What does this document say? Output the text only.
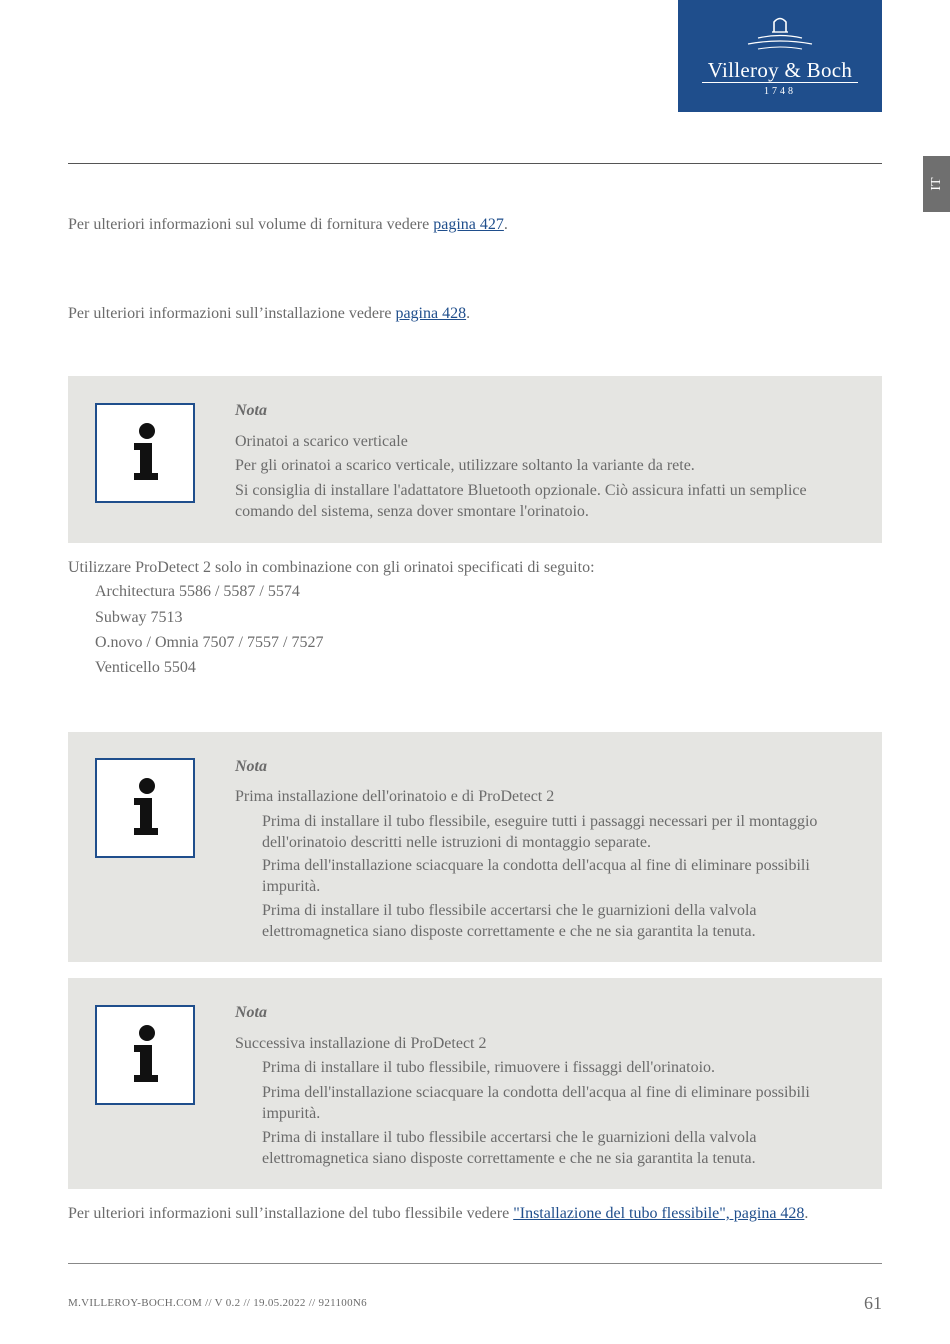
Villeroy & Boch
1748
IT
Per ulteriori informazioni sul volume di fornitura vedere pagina 427.
Per ulteriori informazioni sull’installazione vedere pagina 428.
Nota
Orinatoi a scarico verticale
Per gli orinatoi a scarico verticale, utilizzare soltanto la variante da rete.
Si consiglia di installare l'adattatore Bluetooth opzionale. Ciò assicura infatti un semplice
comando del sistema, senza dover smontare l'orinatoio.
Utilizzare ProDetect 2 solo in combinazione con gli orinatoi specificati di seguito:
Architectura 5586 / 5587 / 5574
Subway 7513
O.novo / Omnia 7507 / 7557 / 7527
Venticello 5504
Nota
Prima installazione dell'orinatoio e di ProDetect 2
Prima di installare il tubo flessibile, eseguire tutti i passaggi necessari per il montaggio dell'orinatoio descritti nelle istruzioni di montaggio separate.
Prima dell'installazione sciacquare la condotta dell'acqua al fine di eliminare possibili impurità.
Prima di installare il tubo flessibile accertarsi che le guarnizioni della valvola elettromagnetica siano disposte correttamente e che ne sia garantita la tenuta.
Nota
Successiva installazione di ProDetect 2
Prima di installare il tubo flessibile, rimuovere i fissaggi dell'orinatoio.
Prima dell'installazione sciacquare la condotta dell'acqua al fine di eliminare possibili impurità.
Prima di installare il tubo flessibile accertarsi che le guarnizioni della valvola elettromagnetica siano disposte correttamente e che ne sia garantita la tenuta.
Per ulteriori informazioni sull’installazione del tubo flessibile vedere "Installazione del tubo flessibile", pagina 428.
M.VILLEROY-BOCH.COM // V 0.2 // 19.05.2022 // 921100N6	61
